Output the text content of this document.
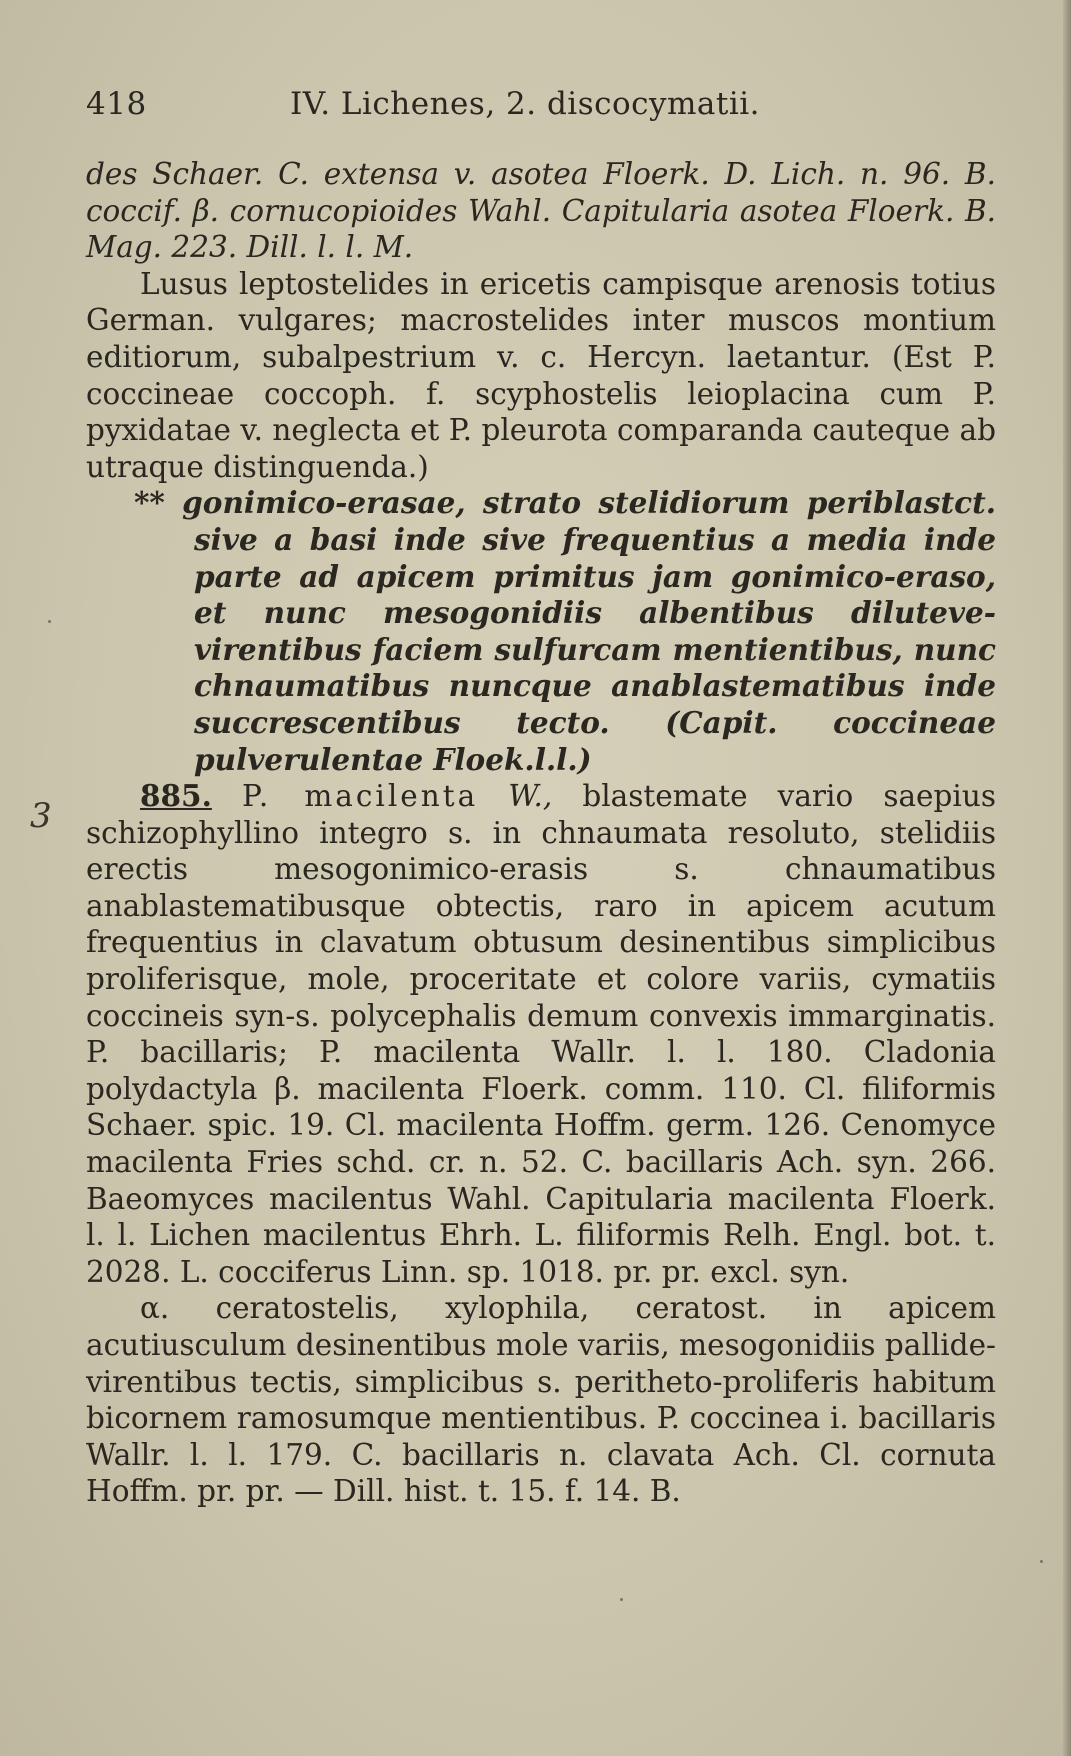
418	IV. Lichenes, 2. discocymatii.
3

des Schaer. C. extensa v. asotea Floerk. D. Lich. n. 96. B. coccif. β. cornucopioides Wahl. Capitularia asotea Floerk. B. Mag. 223. Dill. l. l. M.

Lusus leptostelides in ericetis campisque arenosis totius German. vulgares; macrostelides inter muscos montium editiorum, subalpestrium v. c. Hercyn. laetantur. (Est P. coccineae coccoph. f. scyphostelis leioplacina cum P. pyxidatae v. neglecta et P. pleurota comparanda cauteque ab utraque distinguenda.)

** gonimico-erasae, strato stelidiorum periblastct. sive a basi inde sive frequentius a media inde parte ad apicem primitus jam gonimico-eraso, et nunc mesogonidiis albentibus diluteve-virentibus faciem sulfurcam mentientibus, nunc chnaumatibus nuncque anablastematibus inde succrescentibus tecto. (Capit. coccineae pulverulentae Floek.l.l.)

885. P. macilenta W., blastemate vario saepius schizophyllino integro s. in chnaumata resoluto, stelidiis erectis mesogonimico-erasis s. chnaumatibus anablastematibusque obtectis, raro in apicem acutum frequentius in clavatum obtusum desinentibus simplicibus proliferisque, mole, proceritate et colore variis, cymatiis coccineis syn-s. polycephalis demum convexis immarginatis. P. bacillaris; P. macilenta Wallr. l. l. 180. Cladonia polydactyla β. macilenta Floerk. comm. 110. Cl. filiformis Schaer. spic. 19. Cl. macilenta Hoffm. germ. 126. Cenomyce macilenta Fries schd. cr. n. 52. C. bacillaris Ach. syn. 266. Baeomyces macilentus Wahl. Capitularia macilenta Floerk. l. l. Lichen macilentus Ehrh. L. filiformis Relh. Engl. bot. t. 2028. L. cocciferus Linn. sp. 1018. pr. pr. excl. syn.

α. ceratostelis, xylophila, ceratost. in apicem acutiusculum desinentibus mole variis, mesogonidiis pallide-virentibus tectis, simplicibus s. peritheto-proliferis habitum bicornem ramosumque mentientibus. P. coccinea i. bacillaris Wallr. l. l. 179. C. bacillaris n. clavata Ach. Cl. cornuta Hoffm. pr. pr. — Dill. hist. t. 15. f. 14. B.
